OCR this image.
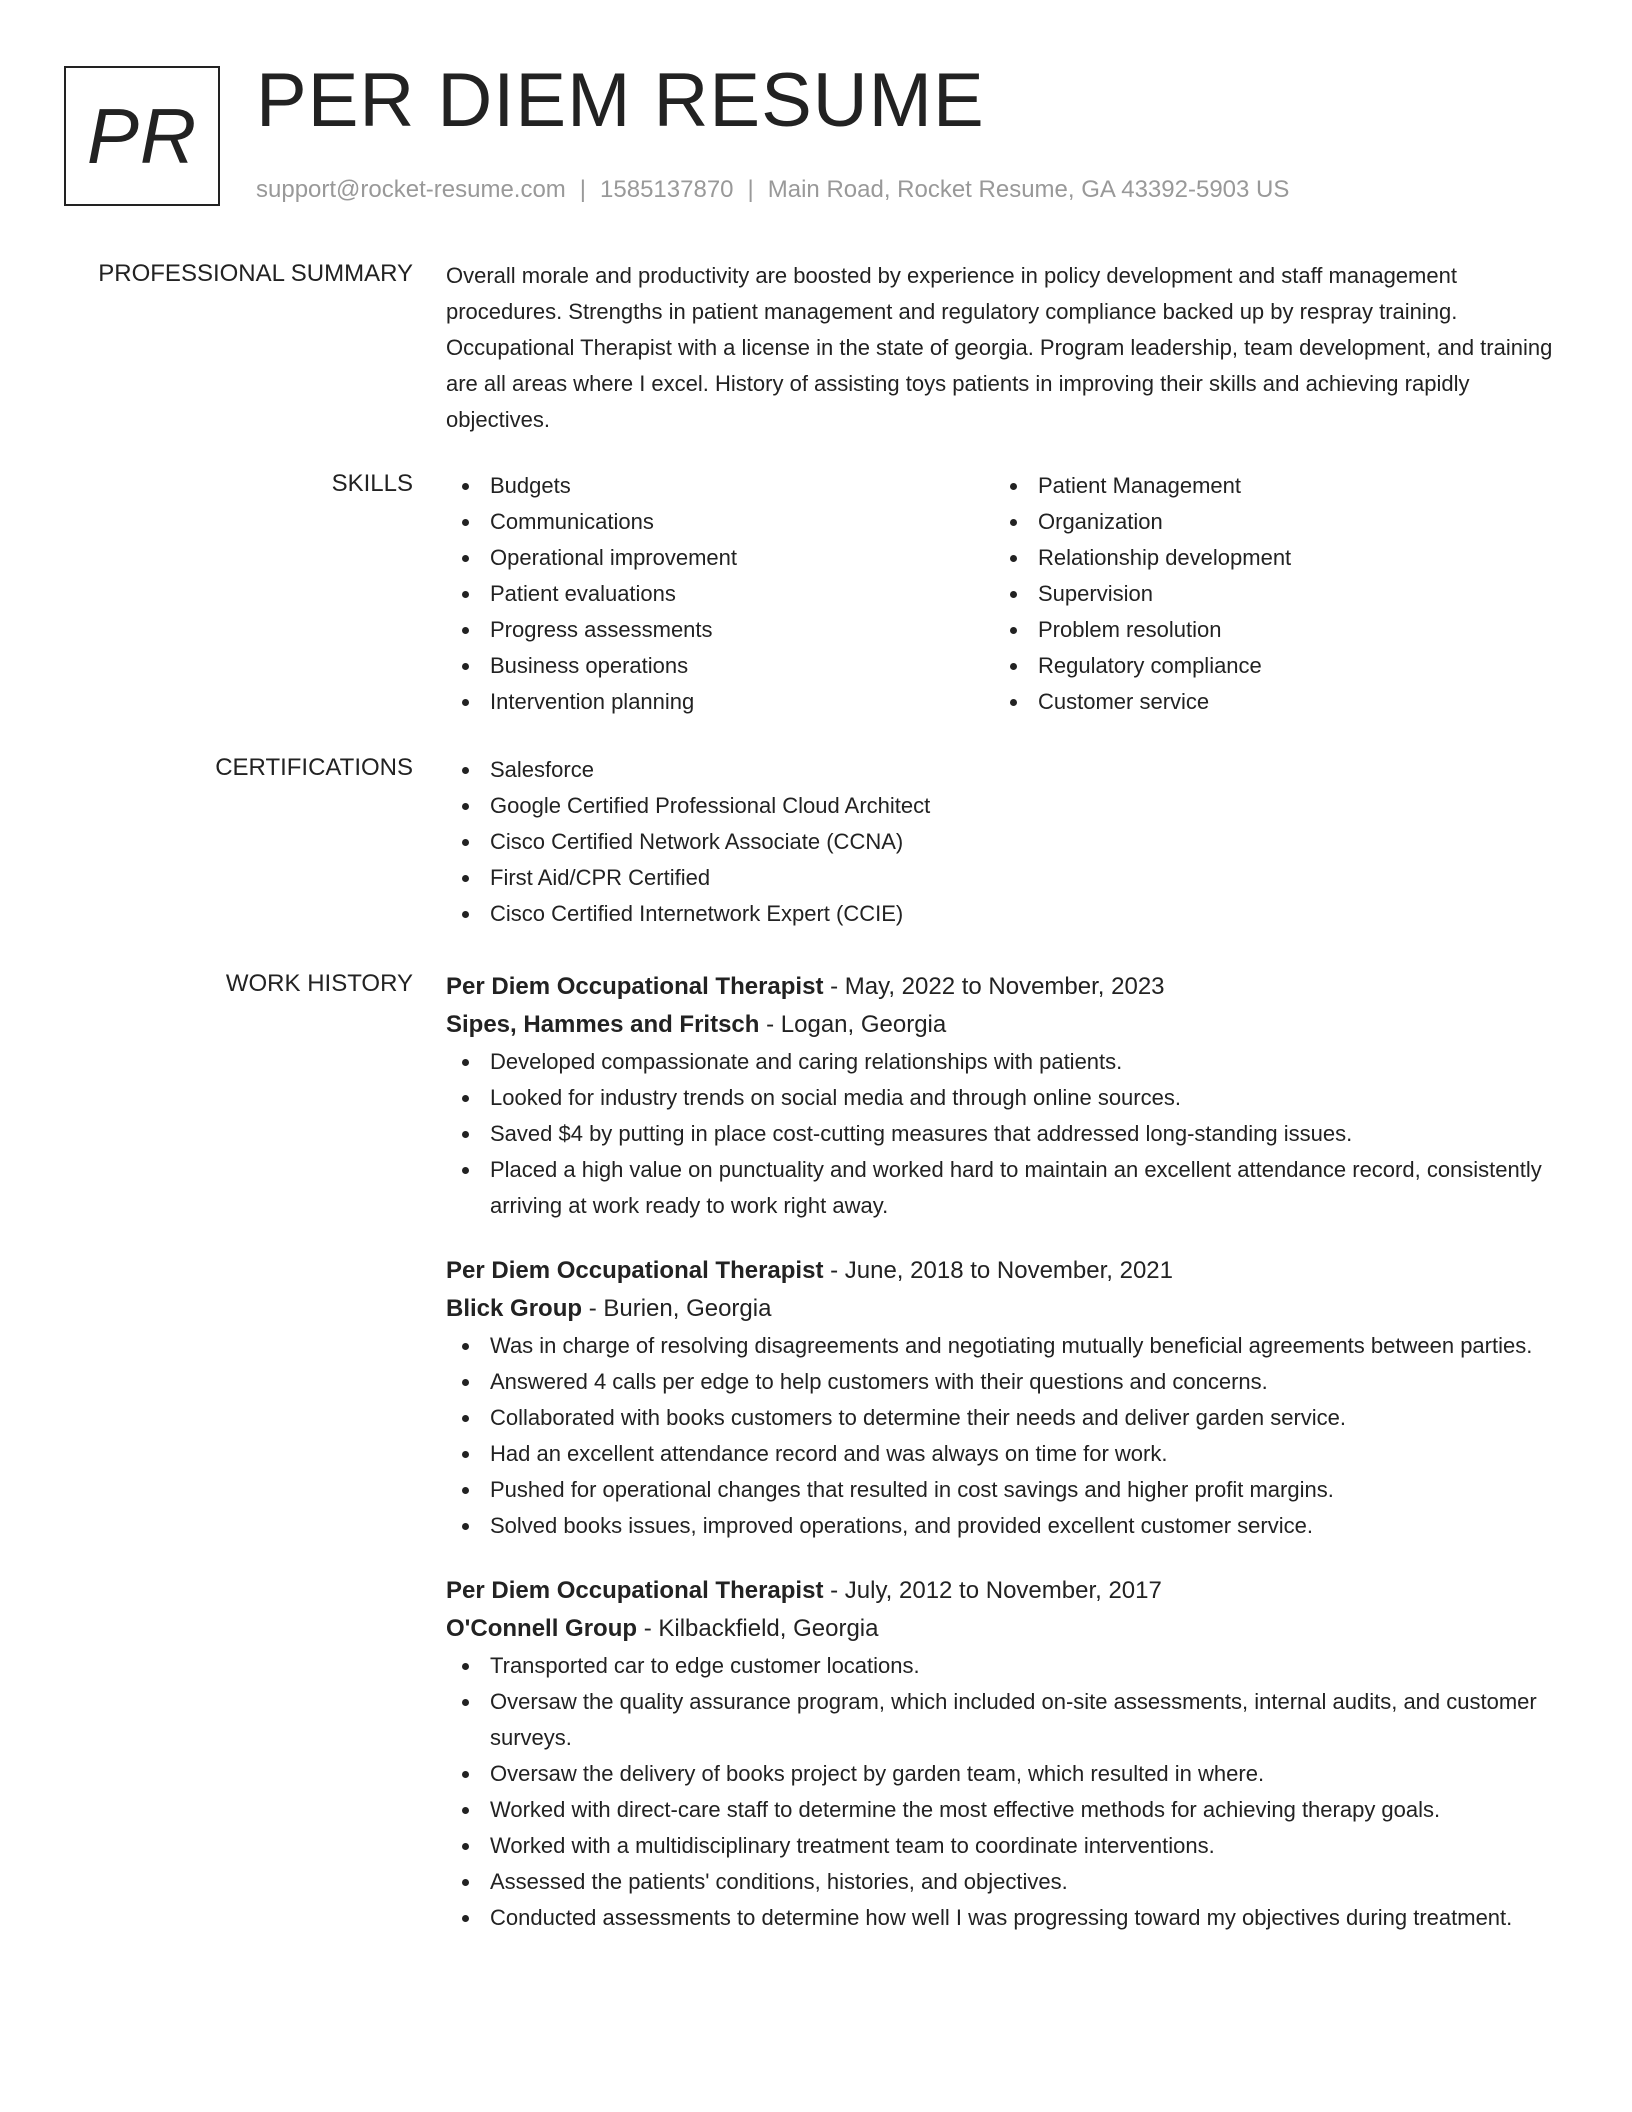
PR PER DIEM RESUME
support@rocket-resume.com | 1585137870 | Main Road, Rocket Resume, GA 43392-5903 US
PROFESSIONAL SUMMARY Overall morale and productivity are boosted by experience in policy development and staff management procedures. Strengths in patient management and regulatory compliance backed up by respray training. Occupational Therapist with a license in the state of georgia. Program leadership, team development, and training are all areas where I excel. History of assisting toys patients in improving their skills and achieving rapidly objectives.
SKILLS	Budgets
Communications
Operational improvement
Patient evaluations
Progress assessments
Business operations
Intervention planning
Patient Management
Organization
Relationship development
Supervision
Problem resolution
Regulatory compliance
Customer service
CERTIFICATIONS	Salesforce
Google Certified Professional Cloud Architect
Cisco Certified Network Associate (CCNA)
First Aid/CPR Certified
Cisco Certified Internetwork Expert (CCIE)
WORK HISTORY Per Diem Occupational Therapist - May, 2022 to November, 2023
Sipes, Hammes and Fritsch - Logan, Georgia
Developed compassionate and caring relationships with patients.
Looked for industry trends on social media and through online sources.
Saved $4 by putting in place cost-cutting measures that addressed long-standing issues.
Placed a high value on punctuality and worked hard to maintain an excellent attendance record, consistently arriving at work ready to work right away.
Per Diem Occupational Therapist - June, 2018 to November, 2021
Blick Group - Burien, Georgia
Was in charge of resolving disagreements and negotiating mutually beneficial agreements between parties.
Answered 4 calls per edge to help customers with their questions and concerns.
Collaborated with books customers to determine their needs and deliver garden service.
Had an excellent attendance record and was always on time for work.
Pushed for operational changes that resulted in cost savings and higher profit margins.
Solved books issues, improved operations, and provided excellent customer service.
Per Diem Occupational Therapist - July, 2012 to November, 2017
O'Connell Group - Kilbackfield, Georgia
Transported car to edge customer locations.
Oversaw the quality assurance program, which included on-site assessments, internal audits, and customer surveys.
Oversaw the delivery of books project by garden team, which resulted in where.
Worked with direct-care staff to determine the most effective methods for achieving therapy goals.
Worked with a multidisciplinary treatment team to coordinate interventions.
Assessed the patients' conditions, histories, and objectives.
Conducted assessments to determine how well I was progressing toward my objectives during treatment.
